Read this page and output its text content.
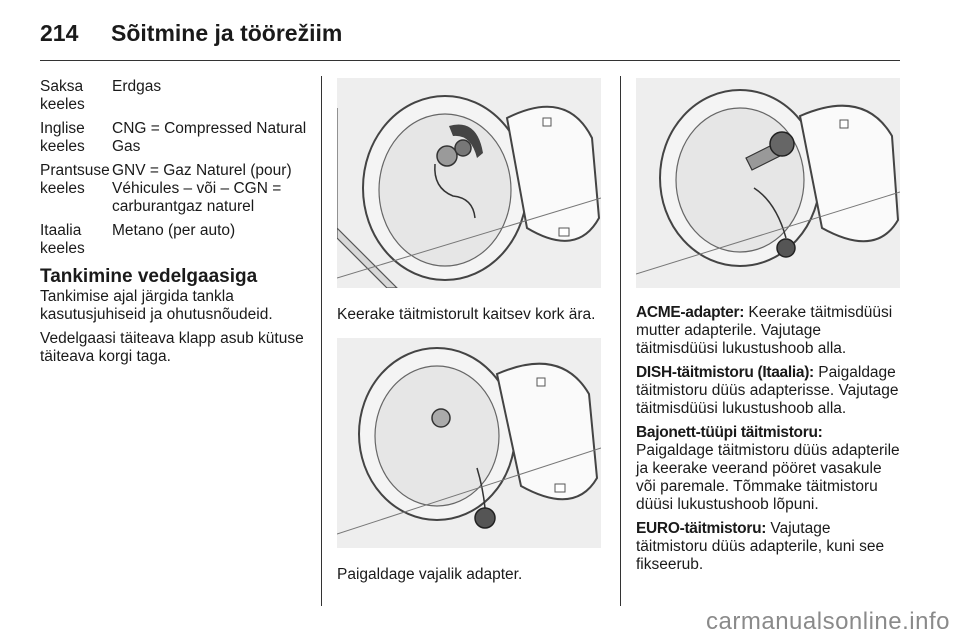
214 Sõitmine ja töörežiim
Saksa keeles
Erdgas
Inglise keeles
CNG = Compressed Natural Gas
Prantsuse keeles
GNV = Gaz Naturel (pour) Véhicules – või – CGN = carburantgaz naturel
Itaalia keeles
Metano (per auto)
Tankimine vedelgaasiga

Tankimise ajal järgida tankla kasutusjuhiseid ja ohutusnõudeid.

Vedelgaasi täiteava klapp asub kütuse täiteava korgi taga.

Keerake täitmistorult kaitsev kork ära.

Paigaldage vajalik adapter.

ACME-adapter: Keerake täitmisdüüsi mutter adapterile. Vajutage täitmisdüüsi lukustushoob alla.

DISH-täitmistoru (Itaalia): Paigaldage täitmistoru düüs adapterisse. Vajutage täitmisdüüsi lukustushoob alla.

Bajonett-tüüpi täitmistoru:
Paigaldage täitmistoru düüs adapterile ja keerake veerand pööret vasakule või paremale. Tõmmake täitmistoru düüsi lukustushoob lõpuni.

EURO-täitmistoru: Vajutage täitmistoru düüs adapterile, kuni see fikseerub.

carmanualsonline.info
